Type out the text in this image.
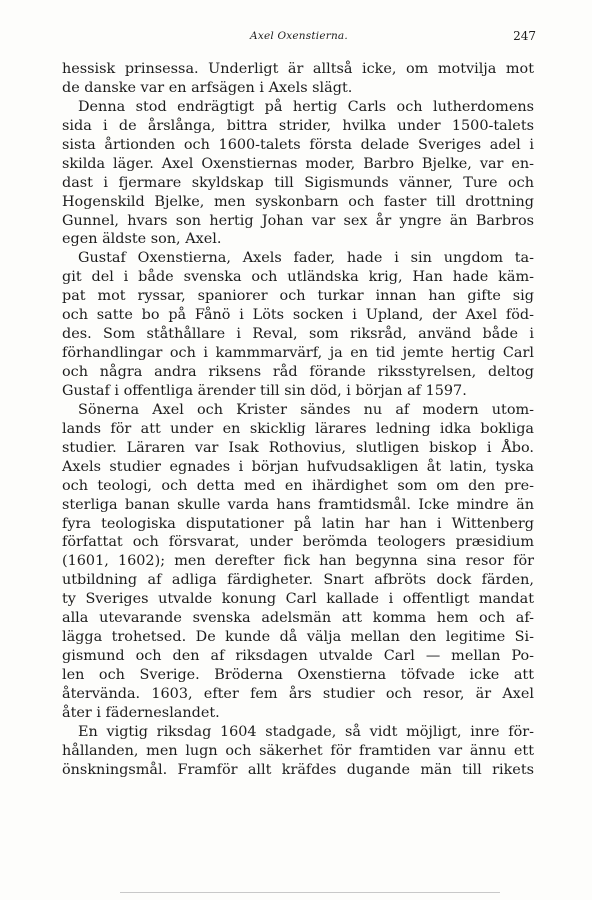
Axel Oxenstierna.	247
hessisk prinsessa. Underligt är alltså icke, om motvilja mot
de danske var en arfsägen i Axels slägt.
Denna stod endrägtigt på hertig Carls och lutherdomens
sida i de årslånga, bittra strider, hvilka under 1500-talets
sista årtionden och 1600-talets första delade Sveriges adel i
skilda läger. Axel Oxenstiernas moder, Barbro Bjelke, var en-
dast i fjermare skyldskap till Sigismunds vänner, Ture och
Hogenskild Bjelke, men syskonbarn och faster till drottning
Gunnel, hvars son hertig Johan var sex år yngre än Barbros
egen äldste son, Axel.
Gustaf Oxenstierna, Axels fader, hade i sin ungdom ta-
git del i både svenska och utländska krig, Han hade käm-
pat mot ryssar, spaniorer och turkar innan han gifte sig
och satte bo på Fånö i Löts socken i Upland, der Axel föd-
des. Som ståthållare i Reval, som riksråd, använd både i
förhandlingar och i kammmarvärf, ja en tid jemte hertig Carl
och några andra riksens råd förande riksstyrelsen, deltog
Gustaf i offentliga ärender till sin död, i början af 1597.
Sönerna Axel och Krister sändes nu af modern utom-
lands för att under en skicklig lärares ledning idka bokliga
studier. Läraren var Isak Rothovius, slutligen biskop i Åbo.
Axels studier egnades i början hufvudsakligen åt latin, tyska
och teologi, och detta med en ihärdighet som om den pre-
sterliga banan skulle varda hans framtidsmål. Icke mindre än
fyra teologiska disputationer på latin har han i Wittenberg
författat och försvarat, under berömda teologers præsidium
(1601, 1602); men derefter fick han begynna sina resor för
utbildning af adliga färdigheter. Snart afbröts dock färden,
ty Sveriges utvalde konung Carl kallade i offentligt mandat
alla utevarande svenska adelsmän att komma hem och af-
lägga trohetsed. De kunde då välja mellan den legitime Si-
gismund och den af riksdagen utvalde Carl — mellan Po-
len och Sverige. Bröderna Oxenstierna töfvade icke att
återvända. 1603, efter fem års studier och resor, är Axel
åter i fäderneslandet.
En vigtig riksdag 1604 stadgade, så vidt möjligt, inre för-
hållanden, men lugn och säkerhet för framtiden var ännu ett
önskningsmål. Framför allt kräfdes dugande män till rikets
